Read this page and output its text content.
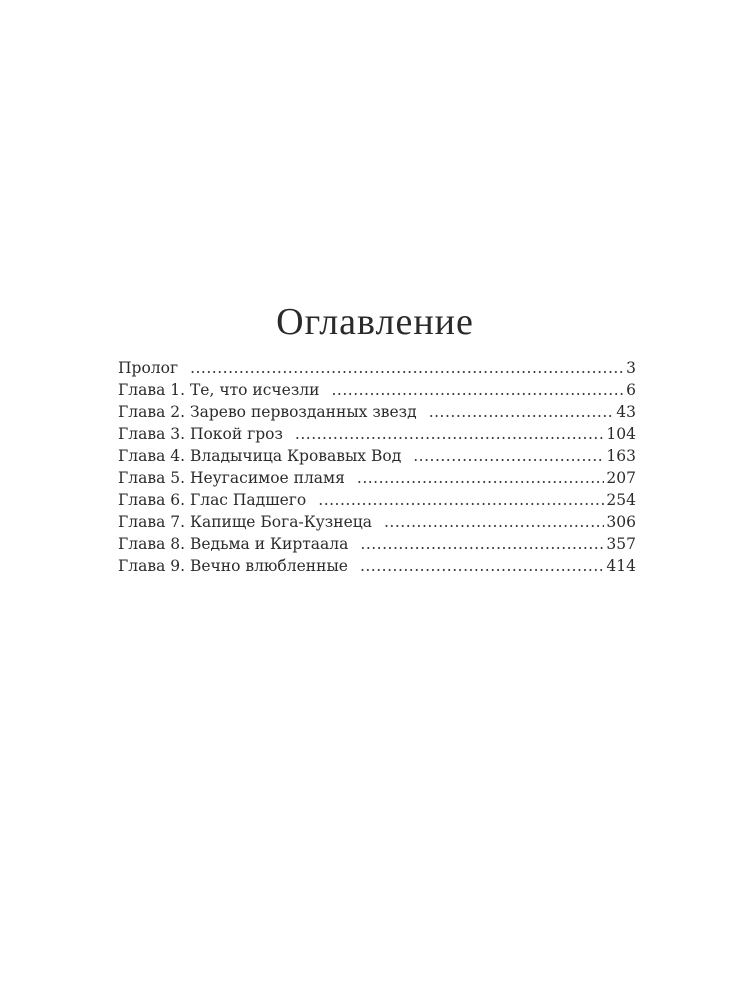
Оглавление
Пролог .....	3
Глава 1. Те, что исчезли .....	6
Глава 2. Зарево первозданных звезд .....	43
Глава 3. Покой гроз .....	104
Глава 4. Владычица Кровавых Вод .....	163
Глава 5. Неугасимое пламя .....	207
Глава 6. Глас Падшего .....	254
Глава 7. Капище Бога-Кузнеца .....	306
Глава 8. Ведьма и Киртаала .....	357
Глава 9. Вечно влюбленные .....	414
